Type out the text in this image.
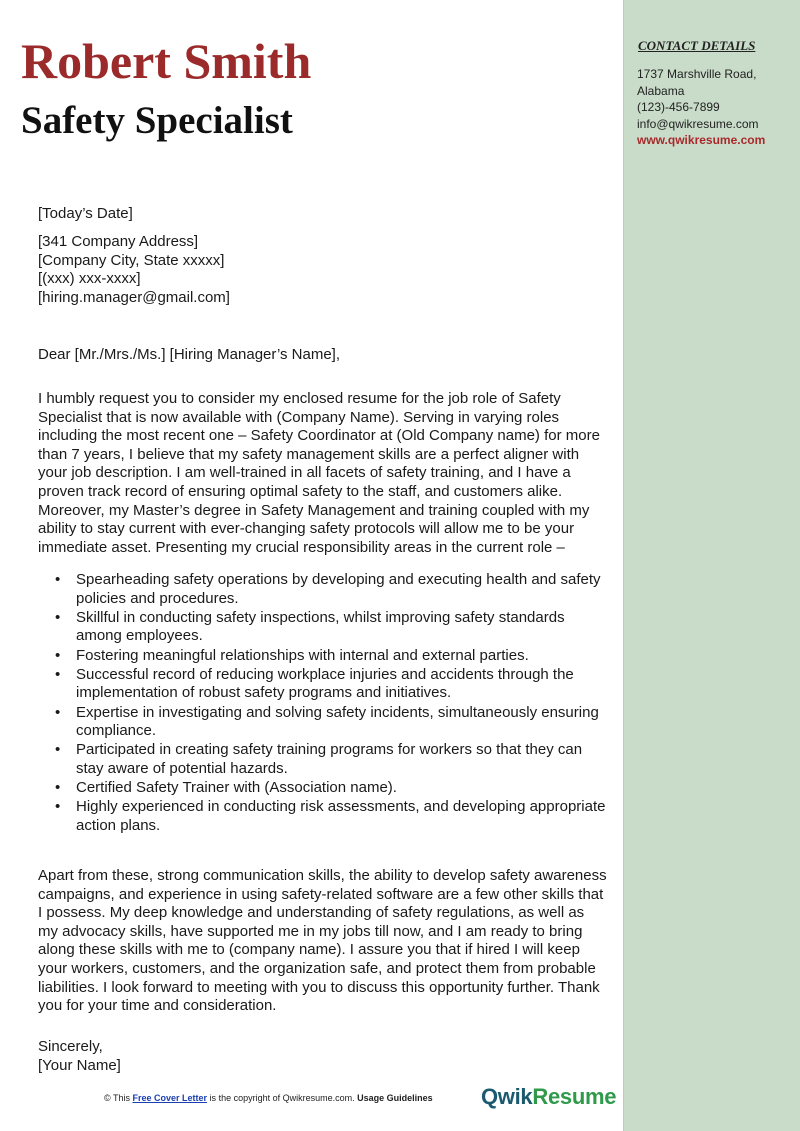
Robert Smith
Safety Specialist
CONTACT DETAILS
1737 Marshville Road,
Alabama
(123)-456-7899
info@qwikresume.com
www.qwikresume.com
[Today’s Date]
[341 Company Address]
[Company City, State xxxxx]
[(xxx) xxx-xxxx]
[hiring.manager@gmail.com]
Dear [Mr./Mrs./Ms.] [Hiring Manager’s Name],

I humbly request you to consider my enclosed resume for the job role of Safety Specialist that is now available with (Company Name). Serving in varying roles including the most recent one – Safety Coordinator at (Old Company name) for more than 7 years, I believe that my safety management skills are a perfect aligner with your job description. I am well-trained in all facets of safety training, and I have a proven track record of ensuring optimal safety to the staff, and customers alike. Moreover, my Master’s degree in Safety Management and training coupled with my ability to stay current with ever-changing safety protocols will allow me to be your immediate asset. Presenting my crucial responsibility areas in the current role –

• Spearheading safety operations by developing and executing health and safety policies and procedures.
• Skillful in conducting safety inspections, whilst improving safety standards among employees.
• Fostering meaningful relationships with internal and external parties.
• Successful record of reducing workplace injuries and accidents through the implementation of robust safety programs and initiatives.
• Expertise in investigating and solving safety incidents, simultaneously ensuring compliance.
• Participated in creating safety training programs for workers so that they can stay aware of potential hazards.
• Certified Safety Trainer with (Association name).
• Highly experienced in conducting risk assessments, and developing appropriate action plans.

Apart from these, strong communication skills, the ability to develop safety awareness campaigns, and experience in using safety-related software are a few other skills that I possess. My deep knowledge and understanding of safety regulations, as well as my advocacy skills, have supported me in my jobs till now, and I am ready to bring along these skills with me to (company name). I assure you that if hired I will keep your workers, customers, and the organization safe, and protect them from probable liabilities. I look forward to meeting with you to discuss this opportunity further. Thank you for your time and consideration.

Sincerely,
[Your Name]
© This Free Cover Letter is the copyright of Qwikresume.com. Usage Guidelines QwikResume
